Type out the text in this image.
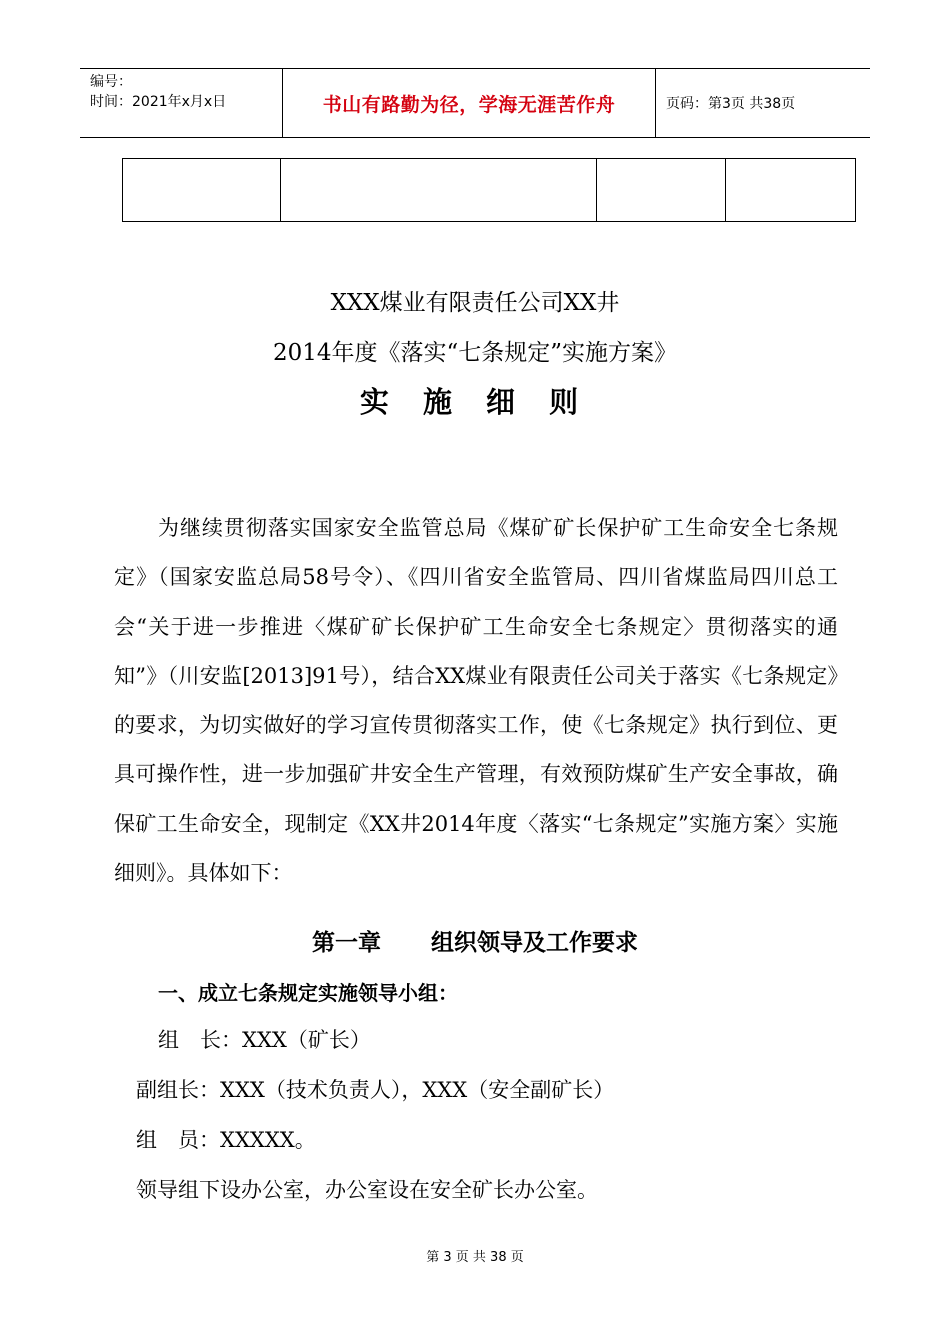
编号：
时间：2021年x月x日	书山有路勤为径，学海无涯苦作舟	页码：第3页 共38页
XXX煤业有限责任公司XX井
2014年度《落实“七条规定”实施方案》
实 施 细 则
为继续贯彻落实国家安全监管总局《煤矿矿长保护矿工生命安全七条规定》（国家安监总局58号令）、《四川省安全监管局、四川省煤监局四川总工会“关于进一步推进〈煤矿矿长保护矿工生命安全七条规定〉贯彻落实的通知”》（川安监[2013]91号），结合XX煤业有限责任公司关于落实《七条规定》的要求，为切实做好的学习宣传贯彻落实工作，使《七条规定》执行到位、更具可操作性，进一步加强矿井安全生产管理，有效预防煤矿生产安全事故，确保矿工生命安全，现制定《XX井2014年度〈落实“七条规定”实施方案〉实施细则》。具体如下：
第一章 组织领导及工作要求
一、成立七条规定实施领导小组：
组　长：XXX（矿长）
副组长：XXX（技术负责人），XXX（安全副矿长）
组　员：XXXXX。
领导组下设办公室，办公室设在安全矿长办公室。
第 3 页 共 38 页
